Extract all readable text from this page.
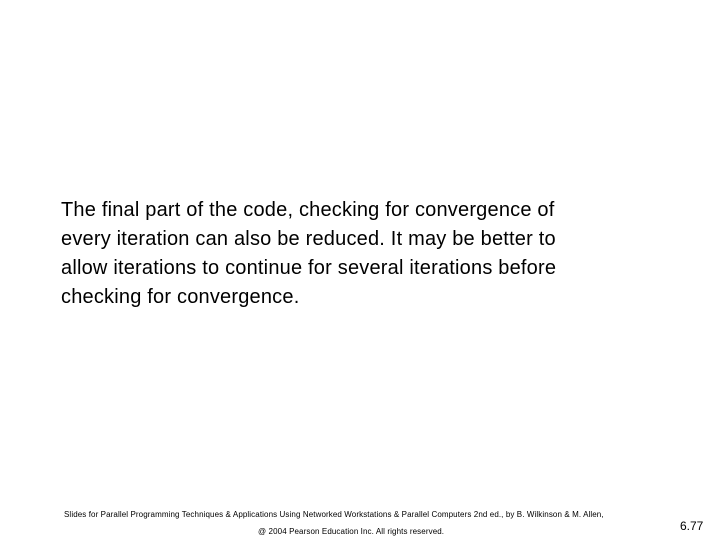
The final part of the code, checking for convergence of
every iteration can also be reduced. It may be better to
allow iterations to continue for several iterations before
checking for convergence.

Slides for Parallel Programming Techniques & Applications Using Networked Workstations & Parallel Computers 2nd ed., by B. Wilkinson & M. Allen,
@ 2004 Pearson Education Inc. All rights reserved.	6.77
